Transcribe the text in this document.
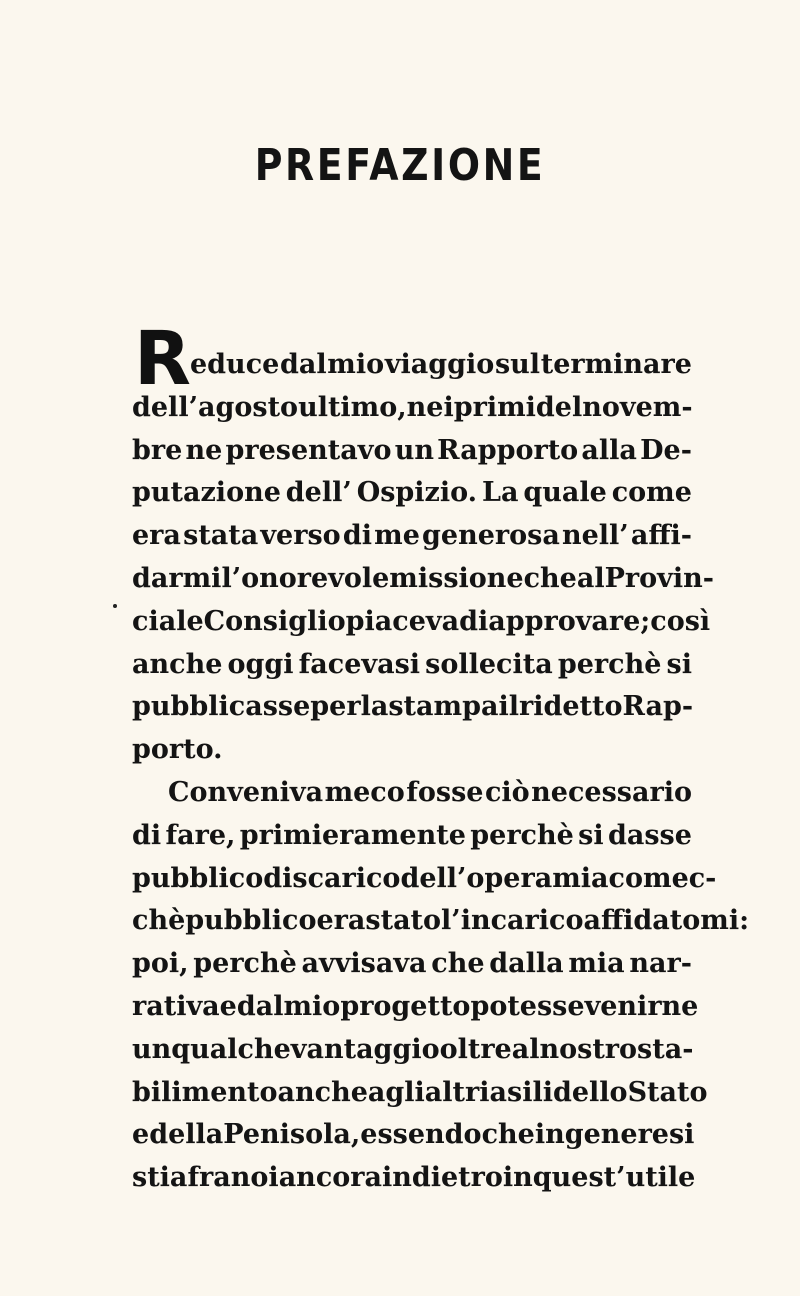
PREFAZIONE
R educe dal mio viaggio sul terminare
dell’ agosto ultimo, nei primi del novem-
bre ne presentavo un Rapporto alla De-
putazione dell’ Ospizio. La quale come
era stata verso di me generosa nell’ affi-
darmi l’ onorevole missione che al Provin-
ciale Consiglio piaceva di approvare; così
anche oggi facevasi sollecita perchè si
pubblicasse per la stampa il ridetto Rap-
porto.
Conveniva meco fosse ciò necessario
di fare, primieramente perchè si dasse
pubblico discarico dell’ opera mia comec-
chè pubblico era stato l’ incarico affidatomi:
poi, perchè avvisava che dalla mia nar-
rativa e dal mio progetto potesse venirne
un qualche vantaggio oltre al nostro sta-
bilimento anche agli altri asili dello Stato
e della Penisola, essendo che in genere si
stia fra noi ancora indietro in quest’ utile
